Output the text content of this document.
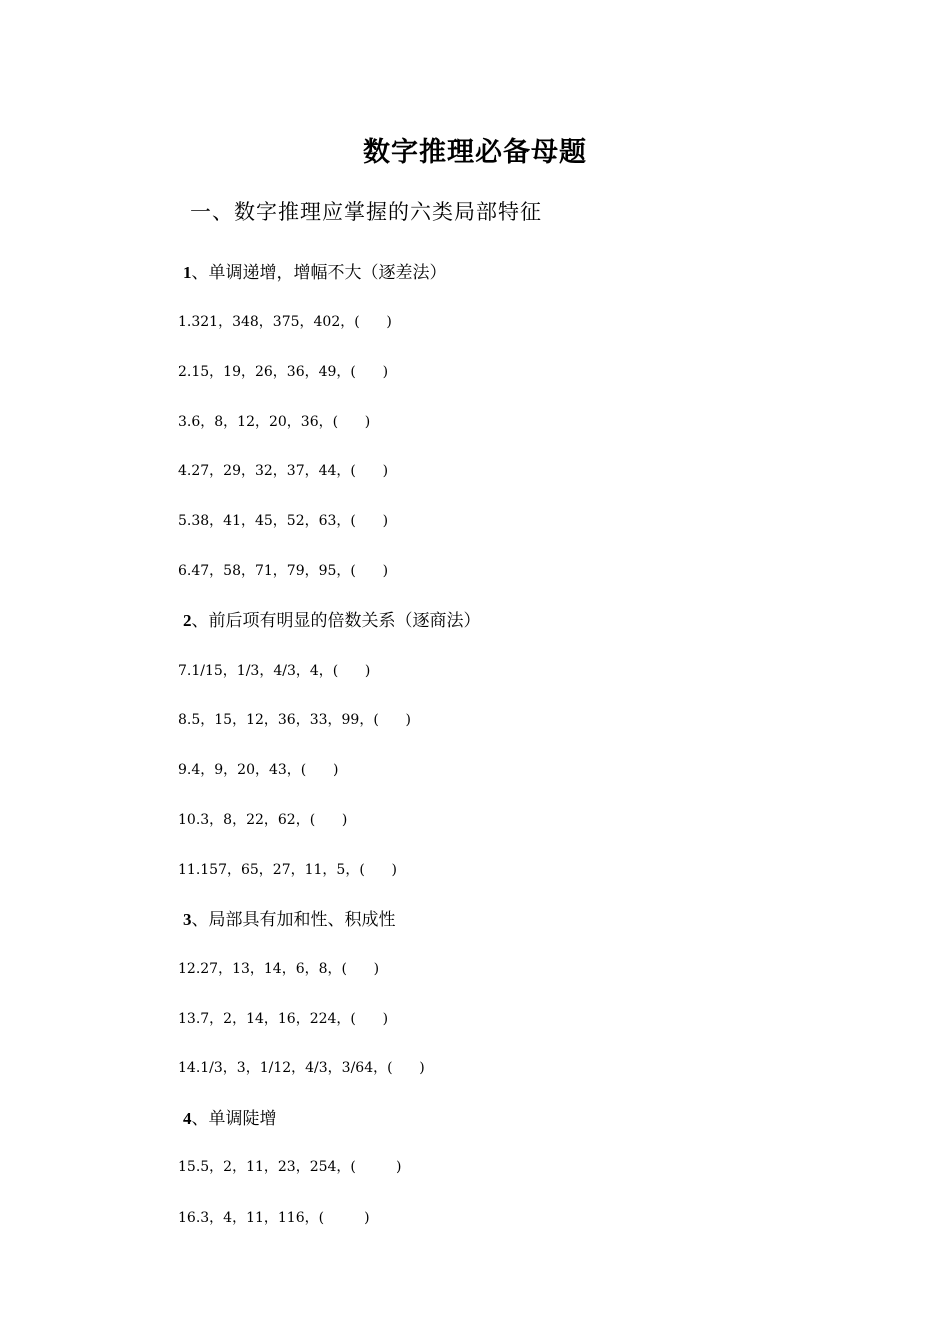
数字推理必备母题
一、数字推理应掌握的六类局部特征
1、单调递增，增幅不大（逐差法）
1.321，348，375，402，(      )
2.15，19，26，36，49，(      )
3.6，8，12，20，36，(      )
4.27，29，32，37，44，(      )
5.38，41，45，52，63，(      )
6.47，58，71，79，95，(      )
2、前后项有明显的倍数关系（逐商法）
7.1/15，1/3，4/3，4，(      )
8.5，15，12，36，33，99，(      )
9.4，9，20，43，(      )
10.3，8，22，62，(      )
11.157，65，27，11，5，(      )
3、局部具有加和性、积成性
12.27，13，14，6，8，(      )
13.7，2，14，16，224，(      )
14.1/3，3，1/12，4/3，3/64，(      )
4、单调陡增
15.5，2，11，23，254，(         )
16.3，4，11，116，(         )
